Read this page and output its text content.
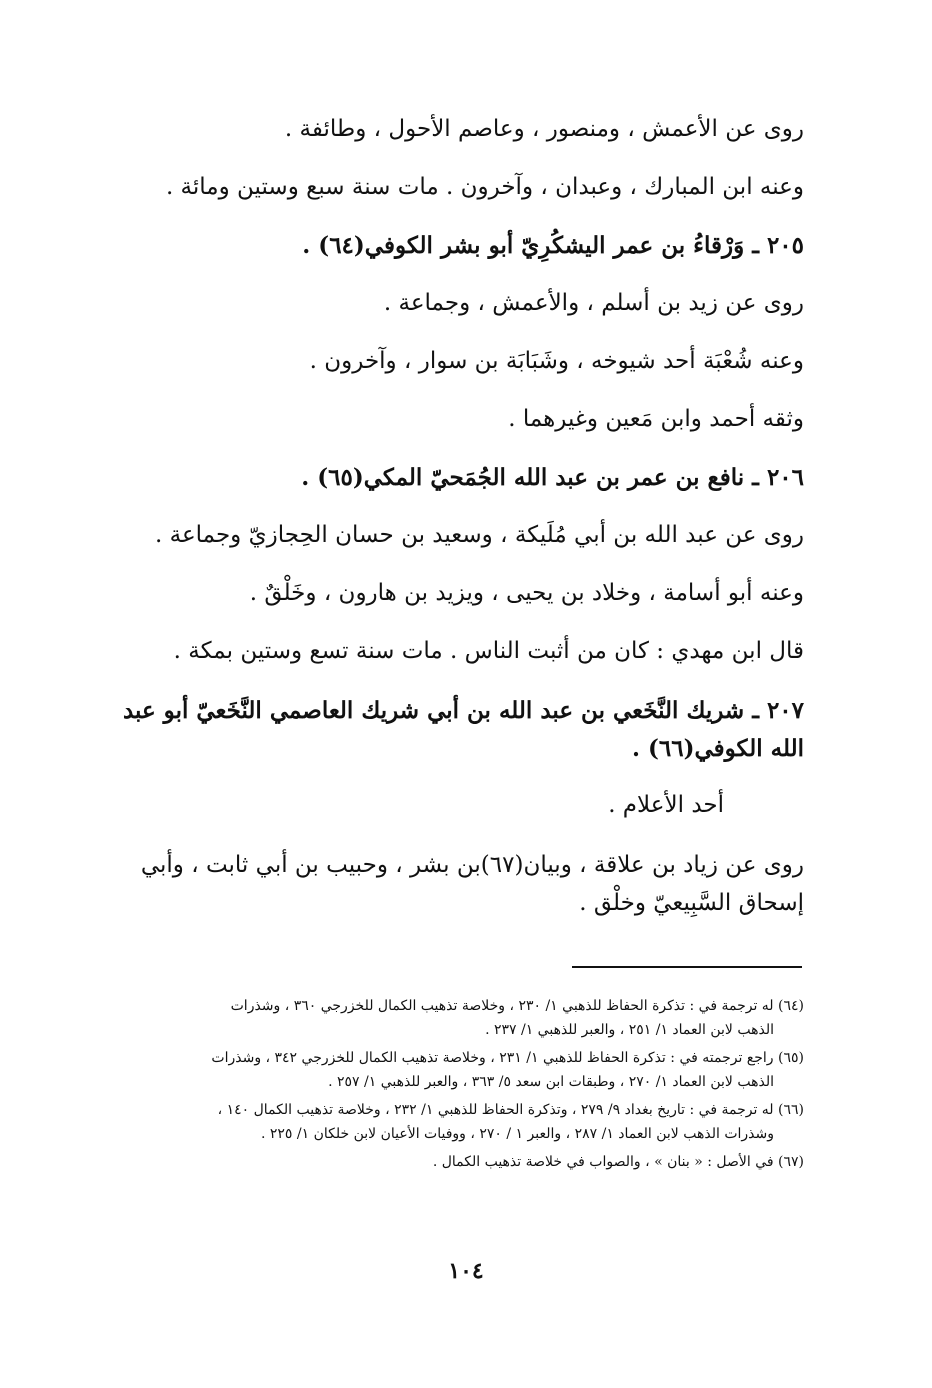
روى عن الأعمش ، ومنصور ، وعاصم الأحول ، وطائفة .
وعنه ابن المبارك ، وعبدان ، وآخرون . مات سنة سبع وستين ومائة .
٢٠٥ ـ وَرْقاءُ بن عمر اليشكُرِيّ أبو بشر الكوفي(٦٤) .
روى عن زيد بن أسلم ، والأعمش ، وجماعة .
وعنه شُعْبَة أحد شيوخه ، وشَبَابَة بن سوار ، وآخرون .
وثقه أحمد وابن مَعين وغيرهما .
٢٠٦ ـ نافع بن عمر بن عبد الله الجُمَحيّ المكي(٦٥) .
روى عن عبد الله بن أبي مُلَيكة ، وسعيد بن حسان الحِجازيّ وجماعة .
وعنه أبو أسامة ، وخلاد بن يحيى ، ويزيد بن هارون ، وخَلْقٌ .
قال ابن مهدي : كان من أثبت الناس . مات سنة تسع وستين بمكة .
٢٠٧ ـ شريك النَّخَعي بن عبد الله بن أبي شريك العاصمي النَّخَعيّ أبو عبد
الله الكوفي(٦٦) .
أحد الأعلام .
روى عن زياد بن علاقة ، وبيان(٦٧)بن بشر ، وحبيب بن أبي ثابت ، وأبي
إسحاق السَّبِيعيّ وخلْق .
(٦٤) له ترجمة في : تذكرة الحفاظ للذهبي ١/ ٢٣٠ ، وخلاصة تذهيب الكمال للخزرجي ٣٦٠ ، وشذرات
الذهب لابن العماد ١/ ٢٥١ ، والعبر للذهبي ١/ ٢٣٧ .
(٦٥) راجع ترجمته في : تذكرة الحفاظ للذهبي ١/ ٢٣١ ، وخلاصة تذهيب الكمال للخزرجي ٣٤٢ ، وشذرات
الذهب لابن العماد ١/ ٢٧٠ ، وطبقات ابن سعد ٥/ ٣٦٣ ، والعبر للذهبي ١/ ٢٥٧ .
(٦٦) له ترجمة في : تاريخ بغداد ٩/ ٢٧٩ ، وتذكرة الحفاظ للذهبي ١/ ٢٣٢ ، وخلاصة تذهيب الكمال ١٤٠ ،
وشذرات الذهب لابن العماد ١/ ٢٨٧ ، والعبر ١ / ٢٧٠ ، ووفيات الأعيان لابن خلكان ١/ ٢٢٥ .
(٦٧) في الأصل : « بنان » ، والصواب في خلاصة تذهيب الكمال .
١٠٤
